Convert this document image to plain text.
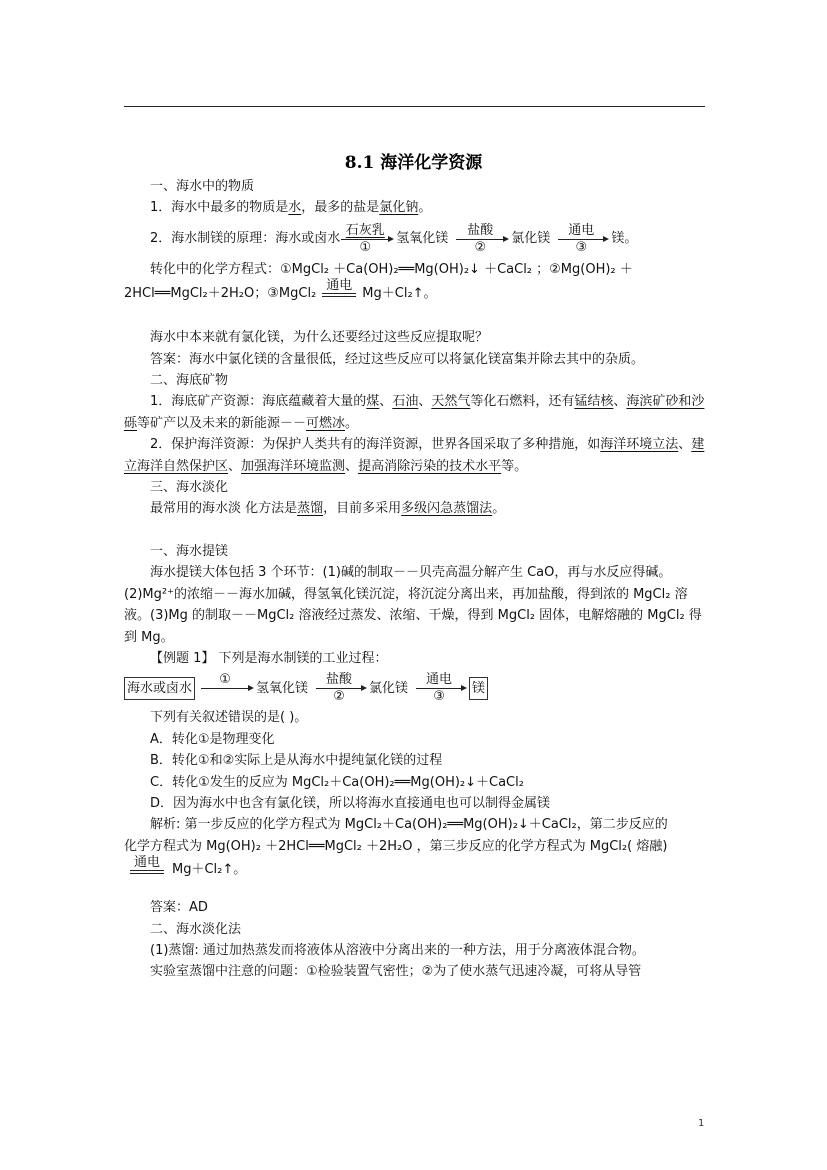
8.1 海洋化学资源

一、海水中的物质

1．海水中最多的物质是水，最多的盐是氯化钠。

2．海水制镁的原理：海水或卤水
石灰乳
①
氢氧化镁
盐酸
②
氯化镁
通电
③
镁。

转化中的化学方程式：①MgCl₂ ＋Ca(OH)₂══Mg(OH)₂↓ ＋CaCl₂ ；②Mg(OH)₂ ＋

2HCl══MgCl₂＋2H₂O；③MgCl₂
通电
Mg＋Cl₂↑。

海水中本来就有氯化镁，为什么还要经过这些反应提取呢？

答案：海水中氯化镁的含量很低，经过这些反应可以将氯化镁富集并除去其中的杂质。

二、海底矿物

1．海底矿产资源：海底蕴藏着大量的煤、石油、天然气等化石燃料，还有锰结核、海滨矿砂和沙砾等矿产以及未来的新能源－－可燃冰。

2．保护海洋资源：为保护人类共有的海洋资源，世界各国采取了多种措施，如海洋环境立法、建立海洋自然保护区、加强海洋环境监测、提高消除污染的技术水平等。

三、海水淡化

最常用的海水淡 化方法是蒸馏，目前多采用多级闪急蒸馏法。

一、海水提镁

海水提镁大体包括 3 个环节：(1)碱的制取－－贝壳高温分解产生 CaO，再与水反应得碱。(2)Mg²⁺的浓缩－－海水加碱，得氢氧化镁沉淀，将沉淀分离出来，再加盐酸，得到浓的 MgCl₂ 溶液。(3)Mg 的制取－－MgCl₂ 溶液经过蒸发、浓缩、干燥，得到 MgCl₂ 固体，电解熔融的 MgCl₂ 得到 Mg。

【例题 1】 下列是海水制镁的工业过程：

海水或卤水
①

氢氧化镁
盐酸
②
氯化镁
通电
③
镁

下列有关叙述错误的是( )。

A．转化①是物理变化

B．转化①和②实际上是从海水中提纯氯化镁的过程

C．转化①发生的反应为 MgCl₂＋Ca(OH)₂══Mg(OH)₂↓＋CaCl₂

D．因为海水中也含有氯化镁，所以将海水直接通电也可以制得金属镁

解析: 第一步反应的化学方程式为 MgCl₂＋Ca(OH)₂══Mg(OH)₂↓＋CaCl₂，第二步反应的

化学方程式为 Mg(OH)₂ ＋2HCl══MgCl₂ ＋2H₂O ，第三步反应的化学方程式为 MgCl₂( 熔融)

通电
Mg＋Cl₂↑。

答案：AD

二、海水淡化法

(1)蒸馏: 通过加热蒸发而将液体从溶液中分离出来的一种方法，用于分离液体混合物。

实验室蒸馏中注意的问题：①检验装置气密性；②为了使水蒸气迅速冷凝，可将从导管

1
